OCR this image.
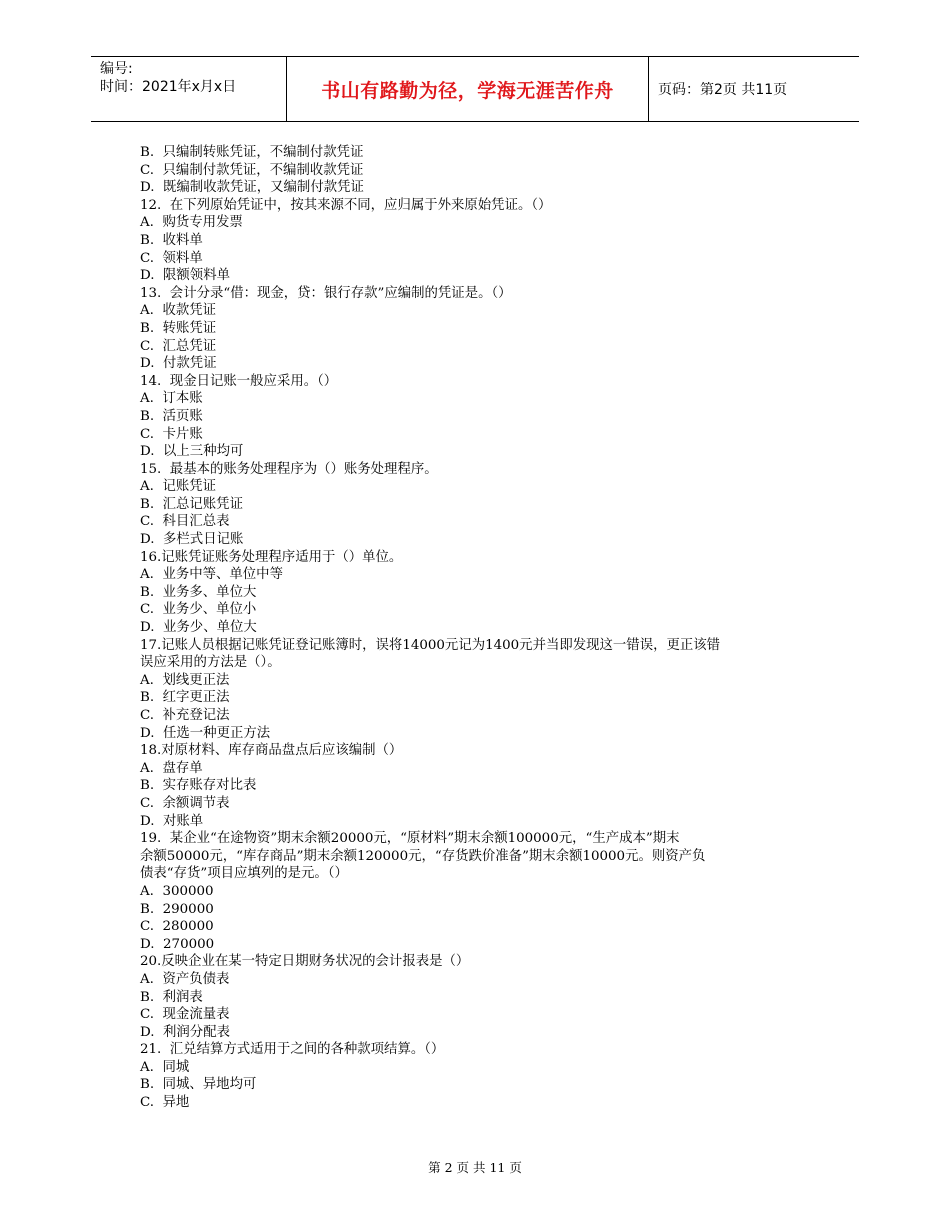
编号:
时间：2021年x月x日	书山有路勤为径，学海无涯苦作舟	页码：第2页 共11页
B.  只编制转账凭证，不编制付款凭证
C.  只编制付款凭证，不编制收款凭证
D.  既编制收款凭证，又编制付款凭证
12.  在下列原始凭证中，按其来源不同，应归属于外来原始凭证。（）
A.  购货专用发票
B.  收料单
C.  领料单
D.  限额领料单
13.  会计分录“借：现金，贷：银行存款”应编制的凭证是。（）
A.  收款凭证
B.  转账凭证
C.  汇总凭证
D.  付款凭证
14.  现金日记账一般应采用。（）
A.  订本账
B.  活页账
C.  卡片账
D.  以上三种均可
15.  最基本的账务处理程序为（）账务处理程序。
A.  记账凭证
B.  汇总记账凭证
C.  科目汇总表
D.  多栏式日记账
16.记账凭证账务处理程序适用于（）单位。
A.  业务中等、单位中等
B.  业务多、单位大
C.  业务少、单位小
D.  业务少、单位大
17.记账人员根据记账凭证登记账簿时，误将14000元记为1400元并当即发现这一错误，更正该错
误应采用的方法是（）。
A.  划线更正法
B.  红字更正法
C.  补充登记法
D.  任选一种更正方法
18.对原材料、库存商品盘点后应该编制（）
A.  盘存单
B.  实存账存对比表
C.  余额调节表
D.  对账单
19.  某企业“在途物资”期末余额20000元，“原材料”期末余额100000元，“生产成本”期末
余额50000元，“库存商品”期末余额120000元，“存货跌价准备”期末余额10000元。则资产负
债表“存货”项目应填列的是元。（）
A.  300000
B.  290000
C.  280000
D.  270000
20.反映企业在某一特定日期财务状况的会计报表是（）
A.  资产负债表
B.  利润表
C.  现金流量表
D.  利润分配表
21.  汇兑结算方式适用于之间的各种款项结算。（）
A.  同城
B.  同城、异地均可
C.  异地
第 2 页 共 11 页
